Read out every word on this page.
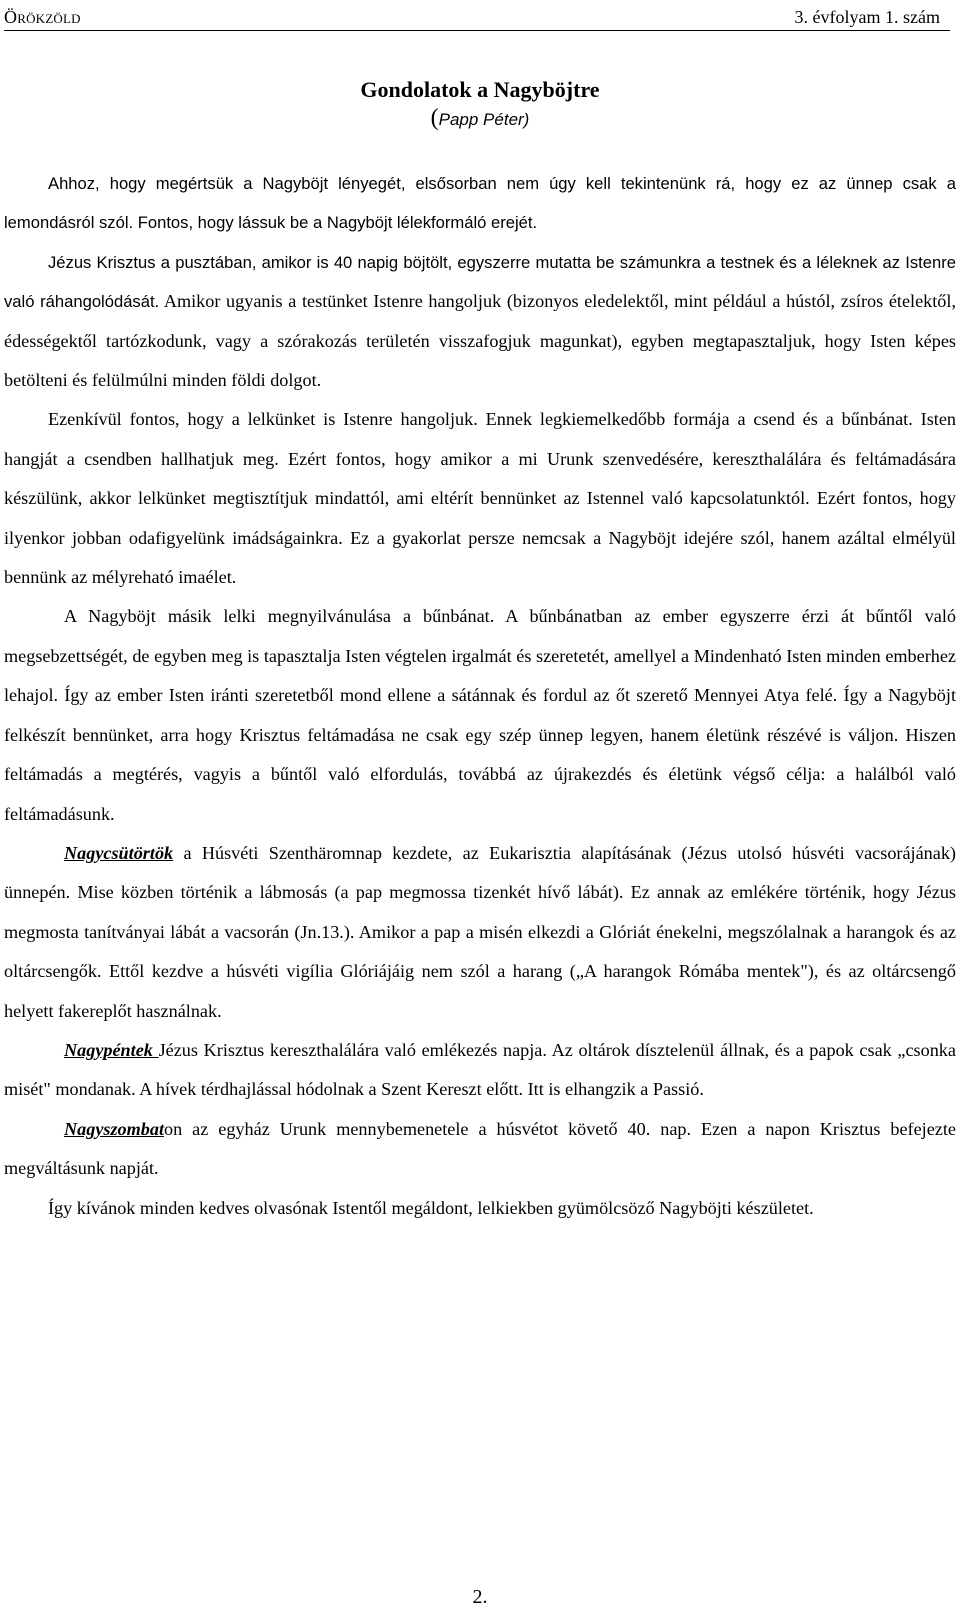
Örökzöld	3. évfolyam 1. szám
Gondolatok a Nagyböjtre
(Papp Péter)

Ahhoz, hogy megértsük a Nagyböjt lényegét, elsősorban nem úgy kell tekintenünk rá, hogy ez az ünnep csak a lemondásról szól. Fontos, hogy lássuk be a Nagyböjt lélekformáló erejét.

Jézus Krisztus a pusztában, amikor is 40 napig böjtölt, egyszerre mutatta be számunkra a testnek és a léleknek az Istenre való ráhangolódását. Amikor ugyanis a testünket Istenre hangoljuk (bizonyos eledelektől, mint például a hústól, zsíros ételektől, édességektől tartózkodunk, vagy a szórakozás területén visszafogjuk magunkat), egyben megtapasztaljuk, hogy Isten képes betölteni és felülmúlni minden földi dolgot.

Ezenkívül fontos, hogy a lelkünket is Istenre hangoljuk. Ennek legkiemelkedőbb formája a csend és a bűnbánat. Isten hangját a csendben hallhatjuk meg. Ezért fontos, hogy amikor a mi Urunk szenvedésére, kereszthalálára és feltámadására készülünk, akkor lelkünket megtisztítjuk mindattól, ami eltérít bennünket az Istennel való kapcsolatunktól. Ezért fontos, hogy ilyenkor jobban odafigyelünk imádságainkra. Ez a gyakorlat persze nemcsak a Nagyböjt idejére szól, hanem azáltal elmélyül bennünk az mélyreható imaélet.

A Nagyböjt másik lelki megnyilvánulása a bűnbánat. A bűnbánatban az ember egyszerre érzi át bűntől való megsebzettségét, de egyben meg is tapasztalja Isten végtelen irgalmát és szeretetét, amellyel a Mindenható Isten minden emberhez lehajol. Így az ember Isten iránti szeretetből mond ellene a sátánnak és fordul az őt szerető Mennyei Atya felé. Így a Nagyböjt felkészít bennünket, arra hogy Krisztus feltámadása ne csak egy szép ünnep legyen, hanem életünk részévé is váljon. Hiszen feltámadás a megtérés, vagyis a bűntől való elfordulás, továbbá az újrakezdés és életünk végső célja: a halálból való feltámadásunk.

Nagycsütörtök a Húsvéti Szenthäromnap kezdete, az Eukarisztia alapításának (Jézus utolsó húsvéti vacsorájának) ünnepén. Mise közben történik a lábmosás (a pap megmossa tizenkét hívő lábát). Ez annak az emlékére történik, hogy Jézus megmosta tanítványai lábát a vacsorán (Jn.13.). Amikor a pap a misén elkezdi a Glóriát énekelni, megszólalnak a harangok és az oltárcsengők. Ettől kezdve a húsvéti vigília Glóriájáig nem szól a harang („A harangok Rómába mentek"), és az oltárcsengő helyett fakereplőt használnak.

Nagypéntek Jézus Krisztus kereszthalálára való emlékezés napja. Az oltárok dísztelenül állnak, és a papok csak „csonka misét" mondanak. A hívek térdhajlással hódolnak a Szent Kereszt előtt. Itt is elhangzik a Passió.

Nagyszombaton az egyház Urunk mennybemenetele a húsvétot követő 40. nap. Ezen a napon Krisztus befejezte megváltásunk napját.

Így kívánok minden kedves olvasónak Istentől megáldont, lelkiekben gyümölcsöző Nagyböjti készületet.

2.
